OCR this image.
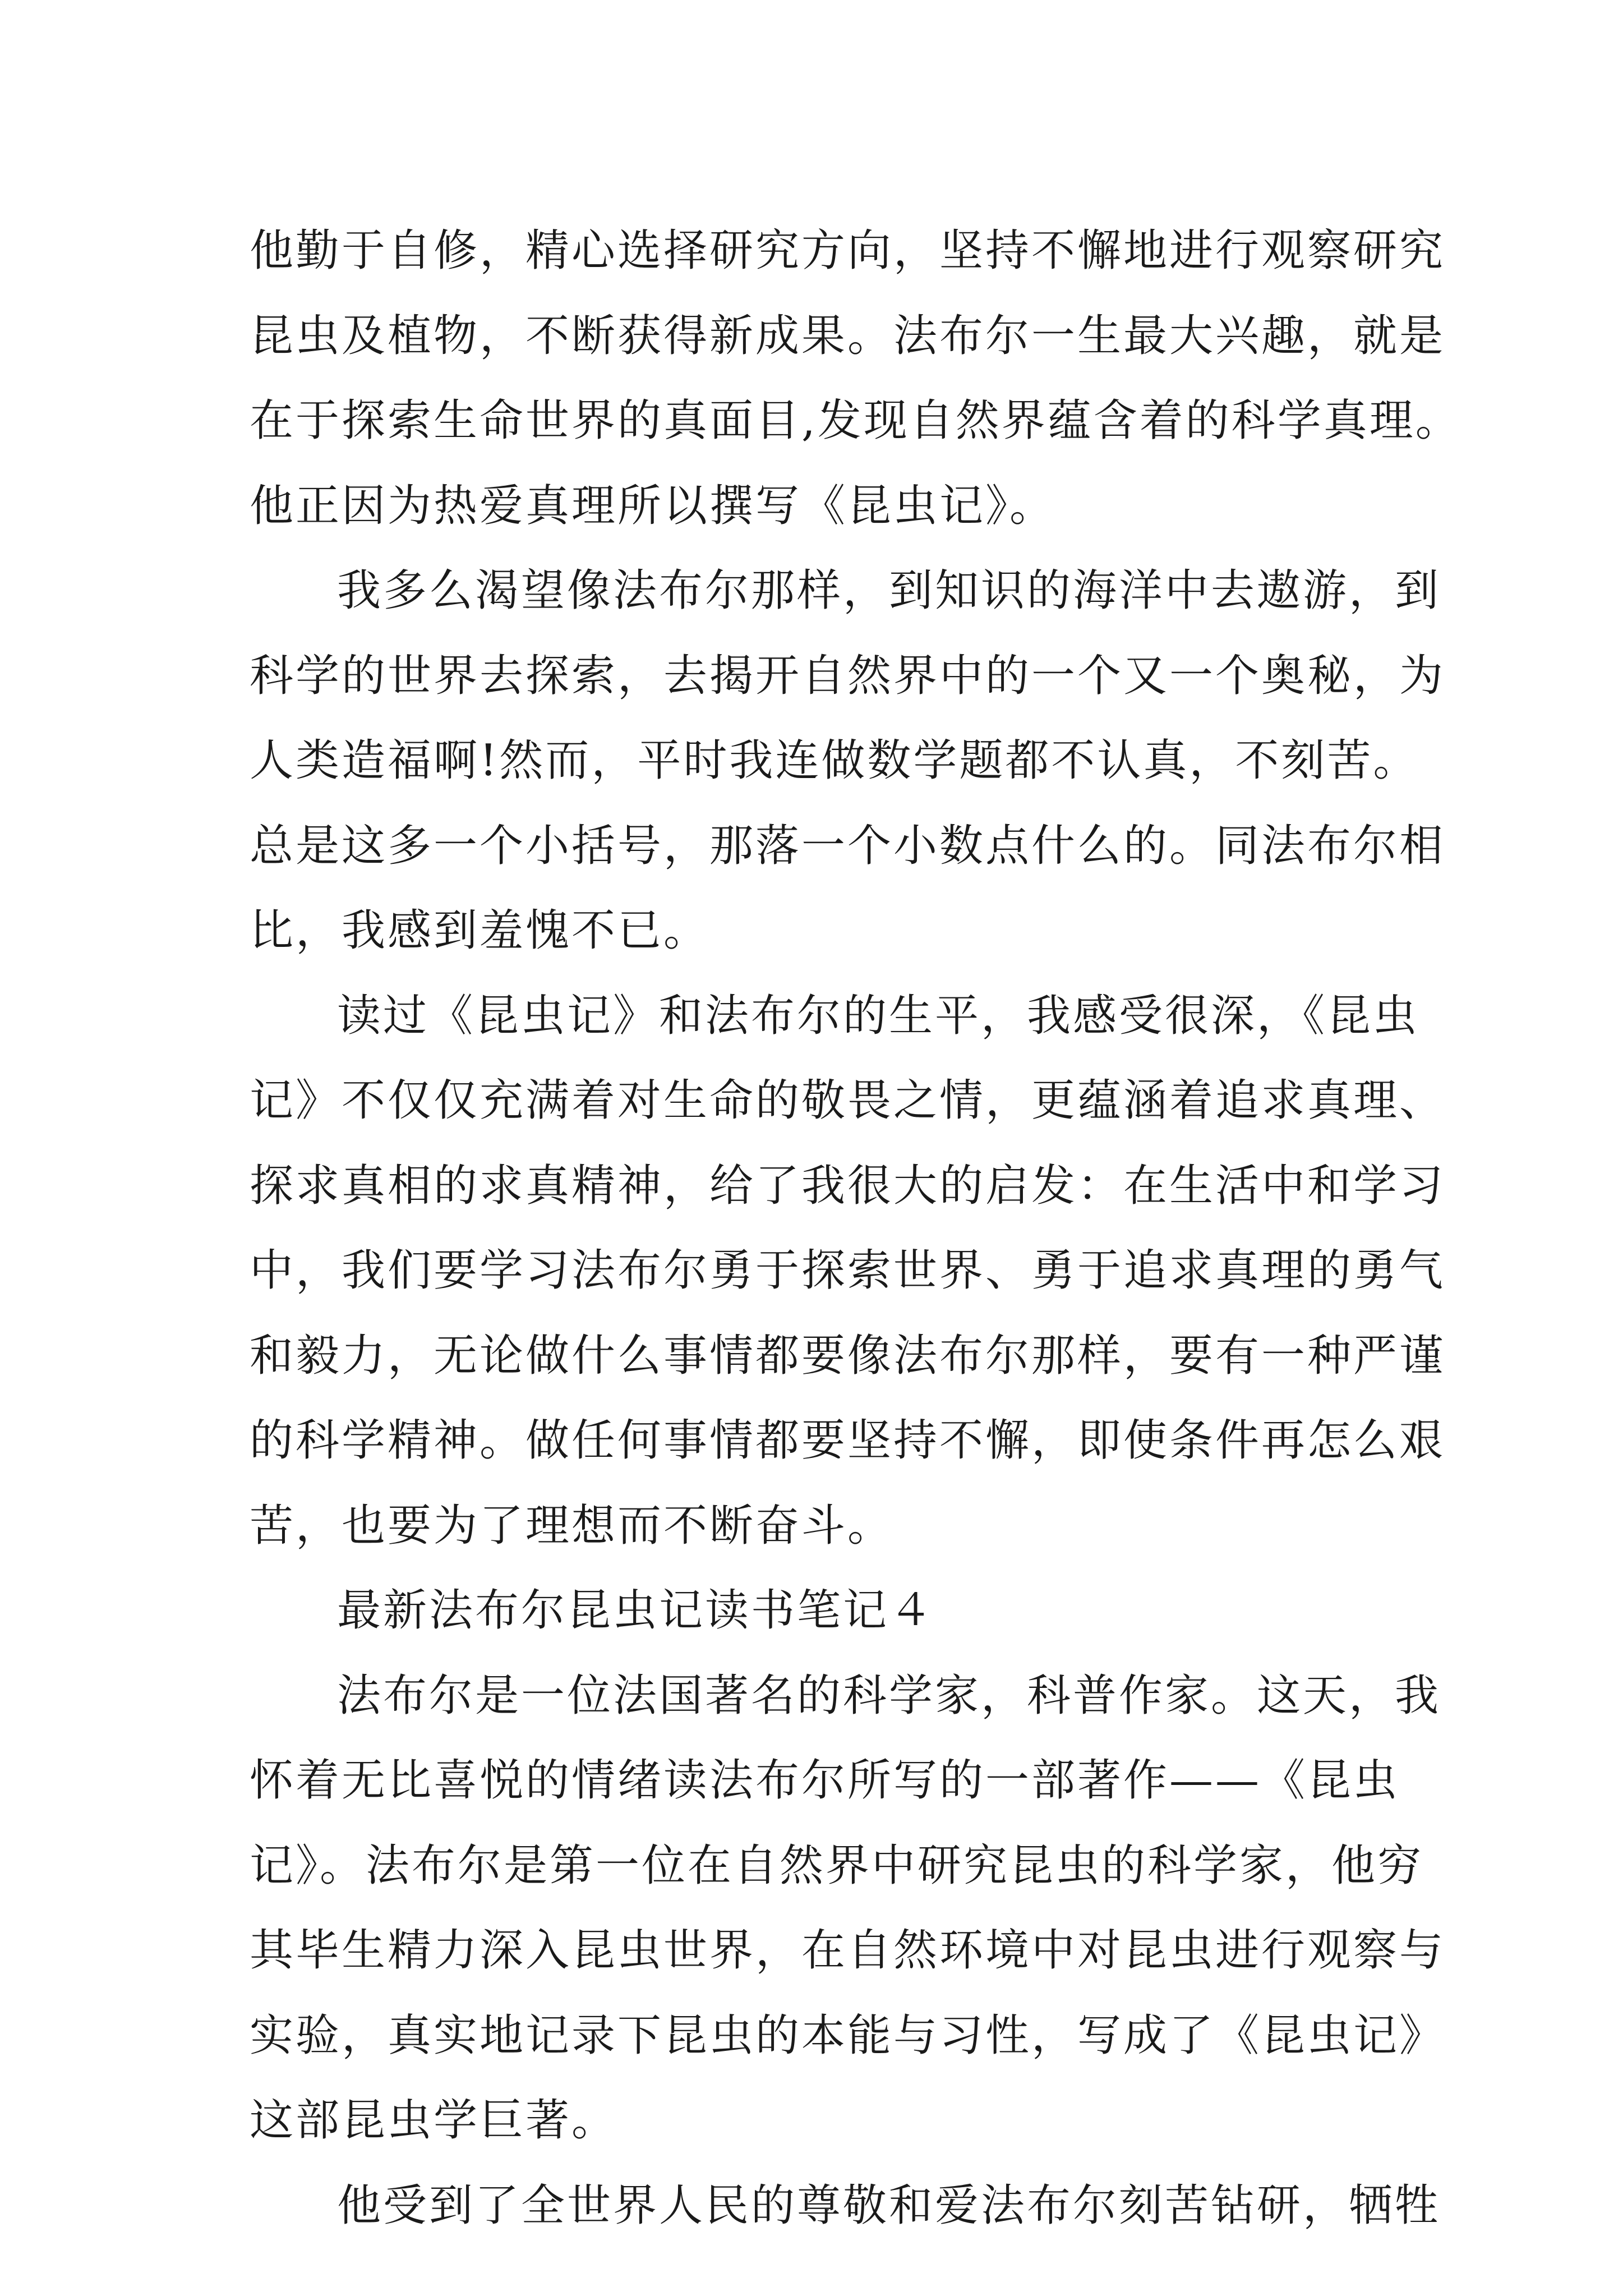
他勤于自修，精心选择研究方向，坚持不懈地进行观察研究
昆虫及植物，不断获得新成果。法布尔一生最大兴趣，就是
在于探索生命世界的真面目,发现自然界蕴含着的科学真理。
他正因为热爱真理所以撰写《昆虫记》。
我多么渴望像法布尔那样，到知识的海洋中去遨游，到
科学的世界去探索，去揭开自然界中的一个又一个奥秘，为
人类造福啊!然而，平时我连做数学题都不认真，不刻苦。
总是这多一个小括号，那落一个小数点什么的。同法布尔相
比，我感到羞愧不已。
读过《昆虫记》和法布尔的生平，我感受很深，《昆虫
记》不仅仅充满着对生命的敬畏之情，更蕴涵着追求真理、
探求真相的求真精神，给了我很大的启发：在生活中和学习
中，我们要学习法布尔勇于探索世界、勇于追求真理的勇气
和毅力，无论做什么事情都要像法布尔那样，要有一种严谨
的科学精神。做任何事情都要坚持不懈，即使条件再怎么艰
苦，也要为了理想而不断奋斗。
最新法布尔昆虫记读书笔记４
法布尔是一位法国著名的科学家，科普作家。这天，我
怀着无比喜悦的情绪读法布尔所写的一部著作——《昆虫
记》。法布尔是第一位在自然界中研究昆虫的科学家，他穷
其毕生精力深入昆虫世界，在自然环境中对昆虫进行观察与
实验，真实地记录下昆虫的本能与习性，写成了《昆虫记》
这部昆虫学巨著。
他受到了全世界人民的尊敬和爱法布尔刻苦钻研，牺牲
